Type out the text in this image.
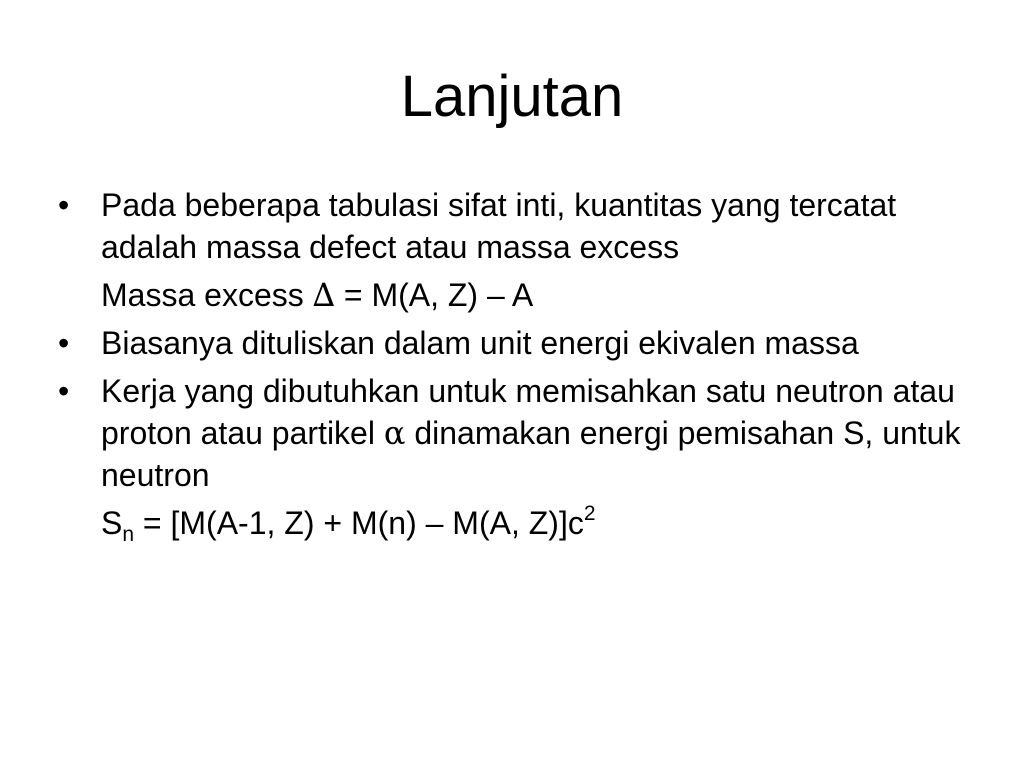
Lanjutan
• Pada beberapa tabulasi sifat inti, kuantitas yang tercatat adalah massa defect atau massa excess
Massa excess ∆ = M(A, Z) – A
• Biasanya dituliskan dalam unit energi ekivalen massa
• Kerja yang dibutuhkan untuk memisahkan satu neutron atau proton atau partikel α dinamakan energi pemisahan S, untuk neutron
$S_n = [M(A-1$, Z) + M(n) – M(A, $Z)]c^2$
